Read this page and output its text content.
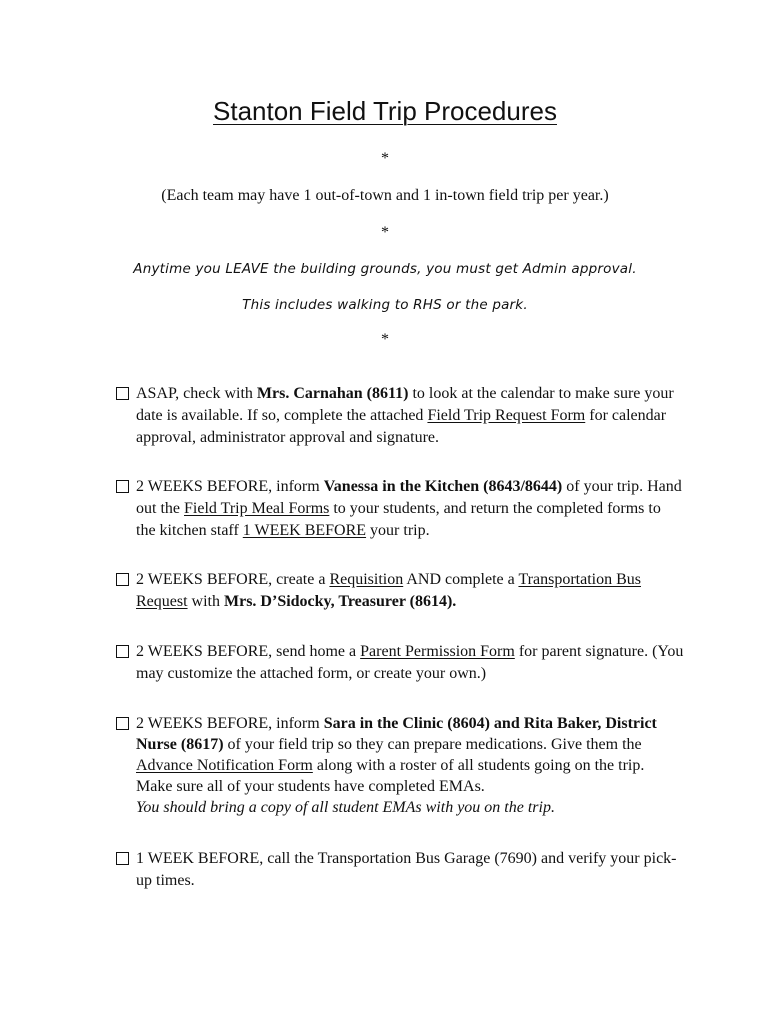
Stanton Field Trip Procedures
*
(Each team may have 1 out-of-town and 1 in-town field trip per year.)
*
Anytime you LEAVE the building grounds, you must get Admin approval.
This includes walking to RHS or the park.
*
ASAP, check with Mrs. Carnahan (8611) to look at the calendar to make sure your date is available. If so, complete the attached Field Trip Request Form for calendar approval, administrator approval and signature.
2 WEEKS BEFORE, inform Vanessa in the Kitchen (8643/8644) of your trip. Hand out the Field Trip Meal Forms to your students, and return the completed forms to the kitchen staff 1 WEEK BEFORE your trip.
2 WEEKS BEFORE, create a Requisition AND complete a Transportation Bus Request with Mrs. D’Sidocky, Treasurer (8614).
2 WEEKS BEFORE, send home a Parent Permission Form for parent signature. (You may customize the attached form, or create your own.)
2 WEEKS BEFORE, inform Sara in the Clinic (8604) and Rita Baker, District Nurse (8617) of your field trip so they can prepare medications. Give them the Advance Notification Form along with a roster of all students going on the trip. Make sure all of your students have completed EMAs.
You should bring a copy of all student EMAs with you on the trip.
1 WEEK BEFORE, call the Transportation Bus Garage (7690) and verify your pick-up times.
